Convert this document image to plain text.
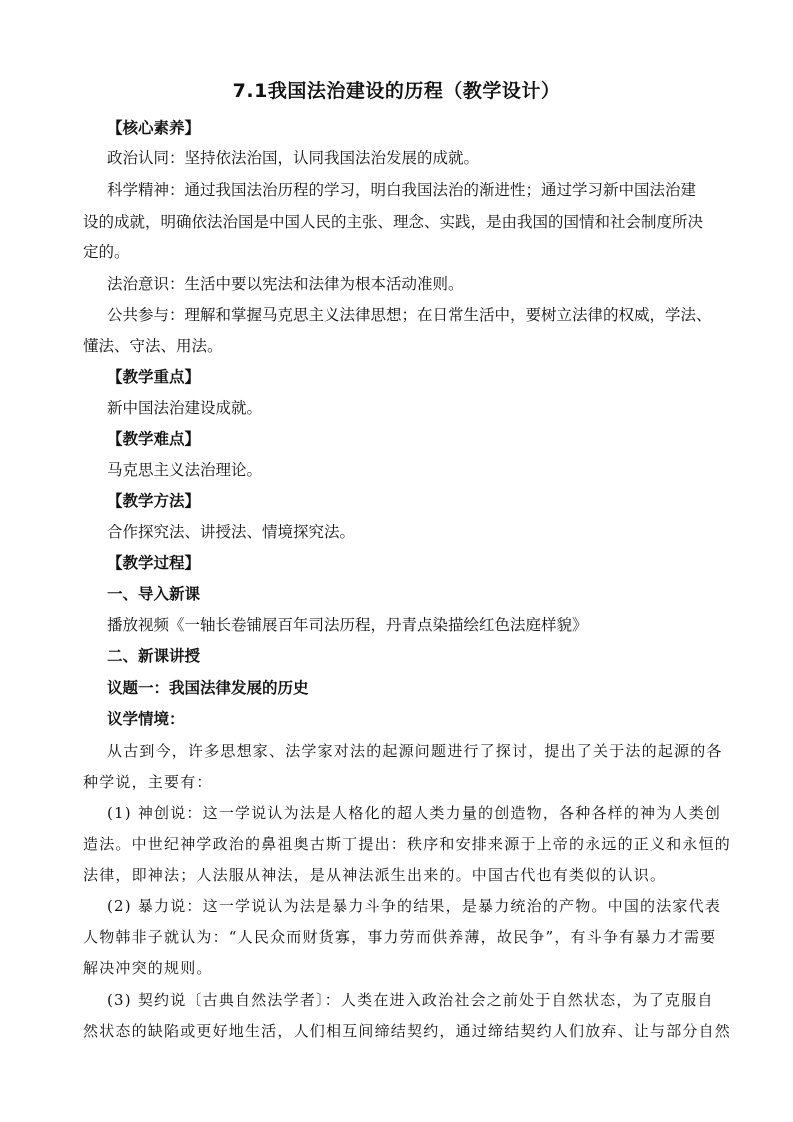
7.1我国法治建设的历程（教学设计）
【核心素养】
政治认同：坚持依法治国，认同我国法治发展的成就。
科学精神：通过我国法治历程的学习，明白我国法治的渐进性；通过学习新中国法治建
设的成就，明确依法治国是中国人民的主张、理念、实践，是由我国的国情和社会制度所决
定的。
法治意识：生活中要以宪法和法律为根本活动准则。
公共参与：理解和掌握马克思主义法律思想；在日常生活中，要树立法律的权威，学法、
懂法、守法、用法。
【教学重点】
新中国法治建设成就。
【教学难点】
马克思主义法治理论。
【教学方法】
合作探究法、讲授法、情境探究法。
【教学过程】
一、导入新课
播放视频《一轴长卷铺展百年司法历程，丹青点染描绘红色法庭样貌》
二、新课讲授
议题一：我国法律发展的历史
议学情境：
从古到今，许多思想家、法学家对法的起源问题进行了探讨，提出了关于法的起源的各
种学说，主要有：
(1) 神创说：这一学说认为法是人格化的超人类力量的创造物，各种各样的神为人类创
造法。中世纪神学政治的鼻祖奥古斯丁提出：秩序和安排来源于上帝的永远的正义和永恒的
法律，即神法；人法服从神法，是从神法派生出来的。中国古代也有类似的认识。
(2) 暴力说：这一学说认为法是暴力斗争的结果，是暴力统治的产物。中国的法家代表
人物韩非子就认为：“人民众而财货寡，事力劳而供养薄，故民争”，有斗争有暴力才需要
解决冲突的规则。
(3) 契约说〔古典自然法学者〕：人类在进入政治社会之前处于自然状态，为了克服自
然状态的缺陷或更好地生活，人们相互间缔结契约，通过缔结契约人们放弃、让与部分自然
